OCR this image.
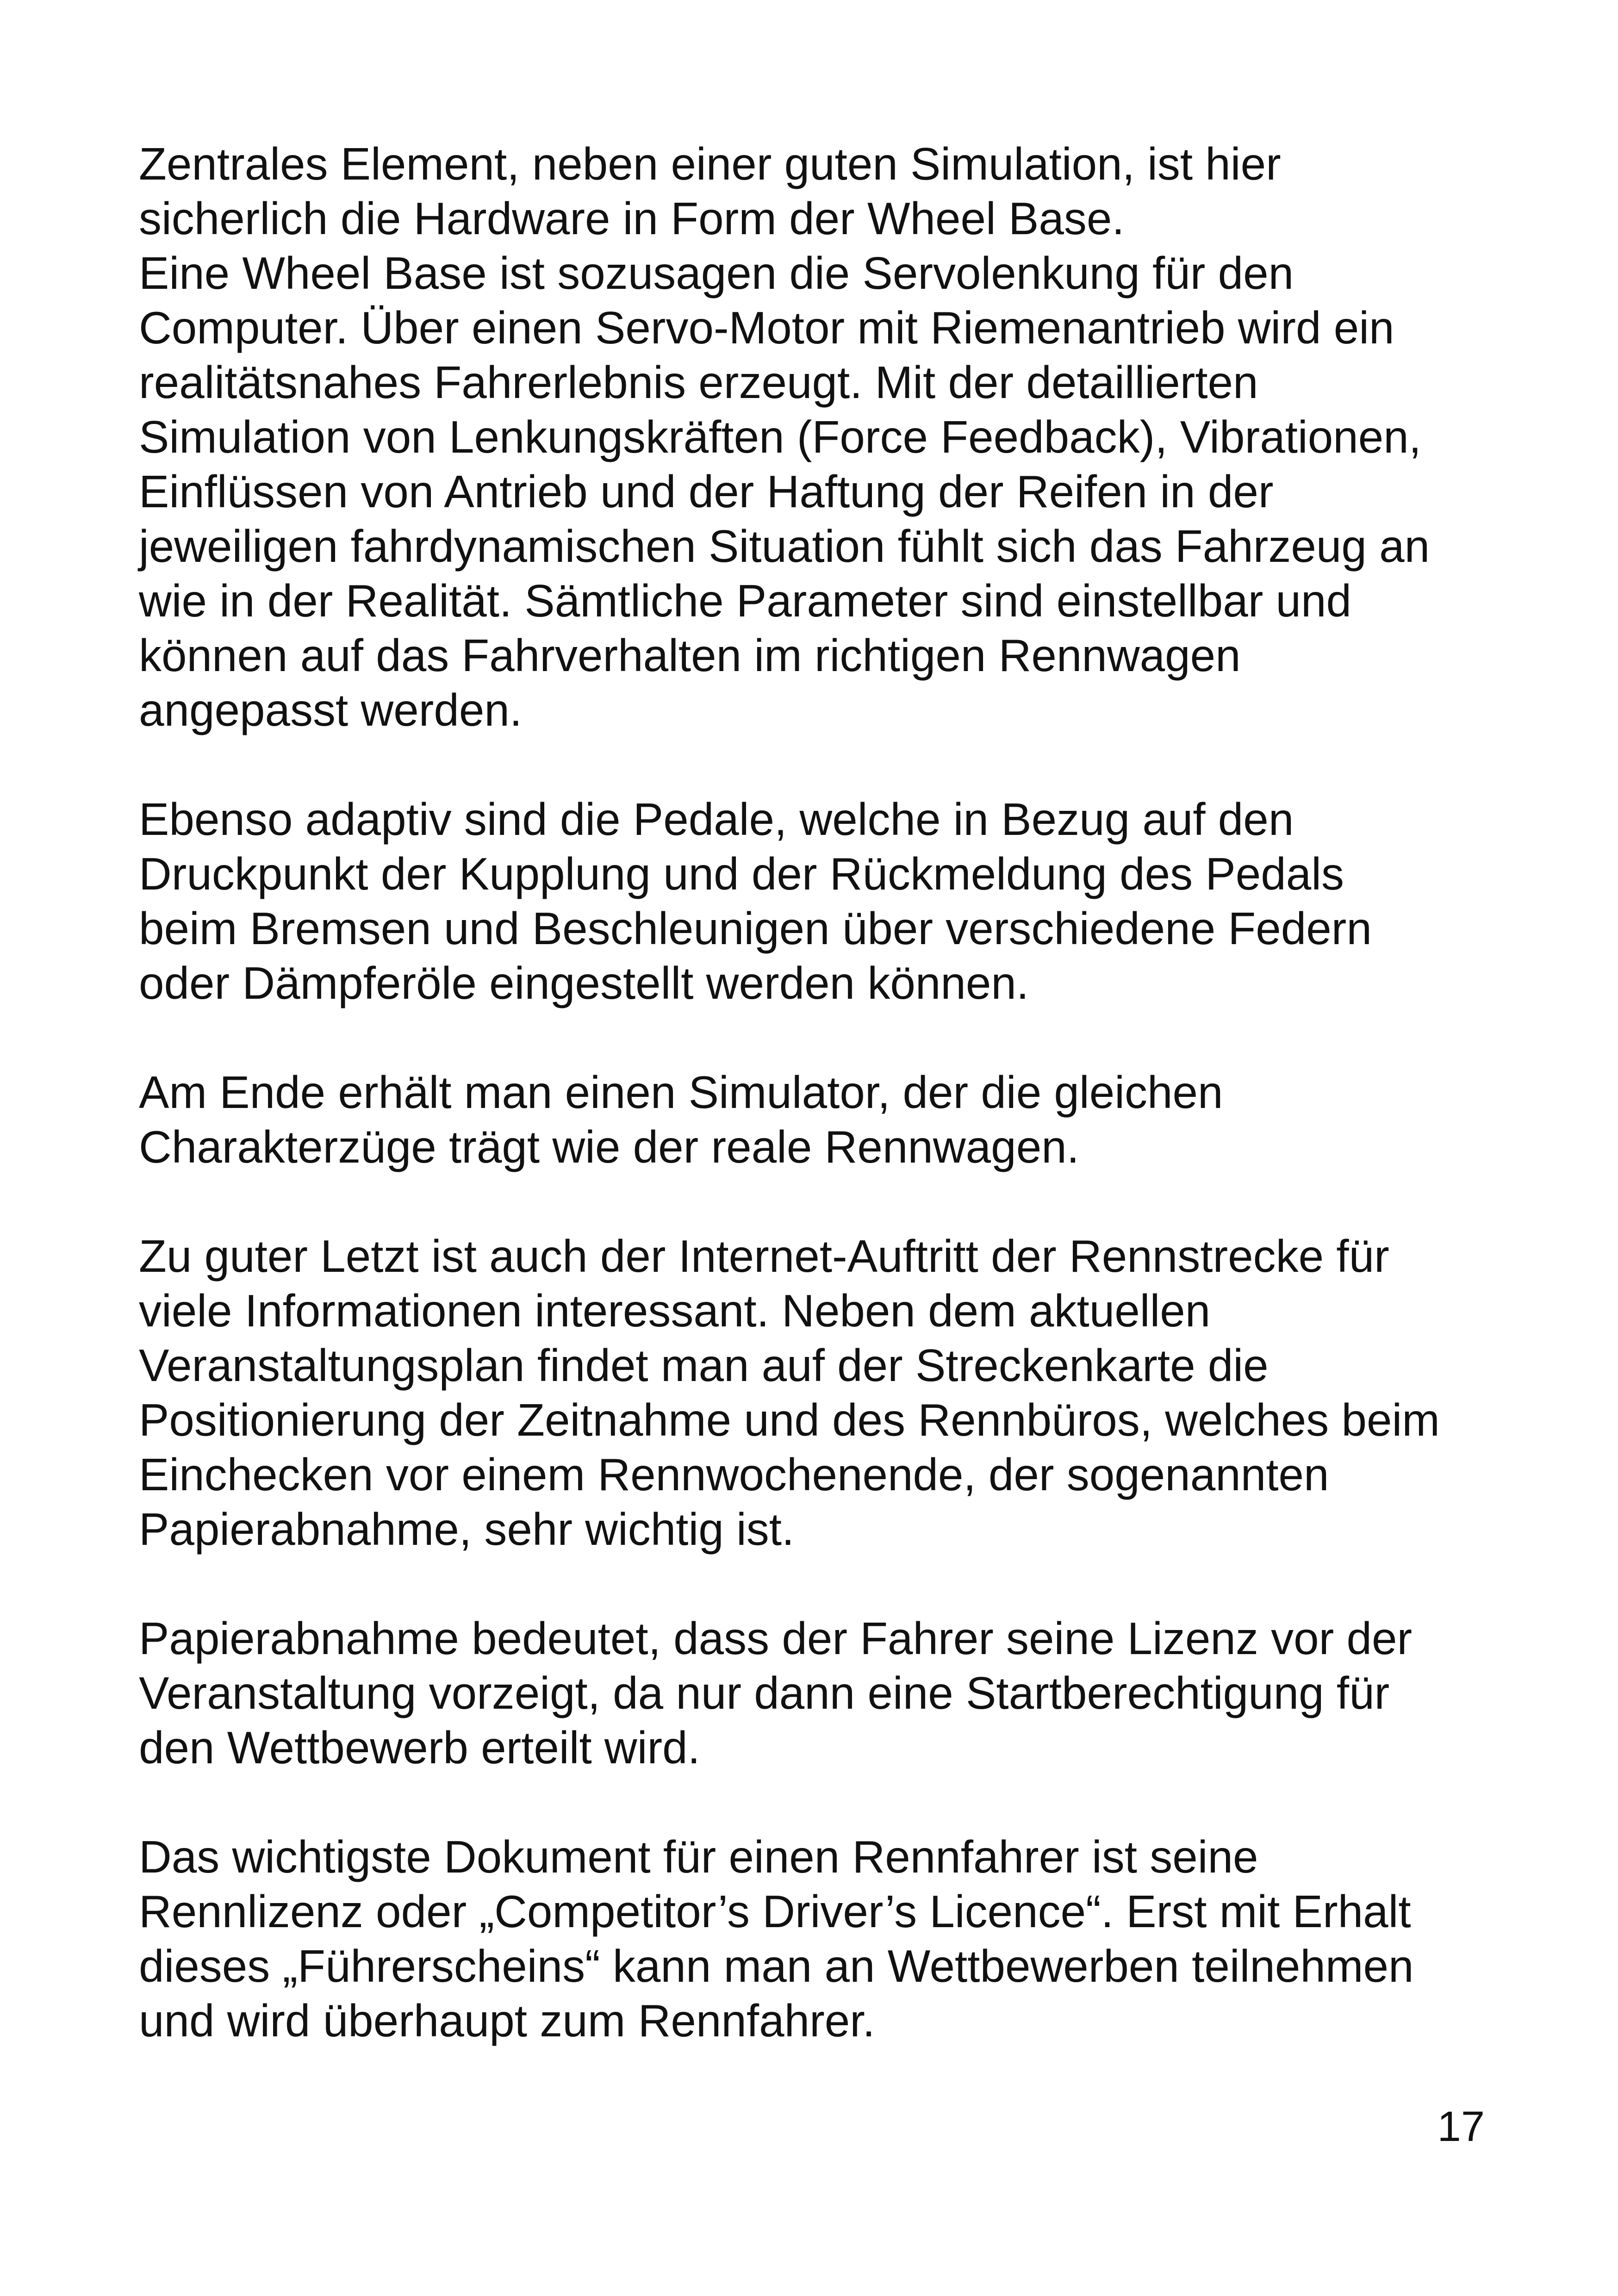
Zentrales Element, neben einer guten Simulation, ist hier
sicherlich die Hardware in Form der Wheel Base.
Eine Wheel Base ist sozusagen die Servolenkung für den
Computer. Über einen Servo-Motor mit Riemenantrieb wird ein
realitätsnahes Fahrerlebnis erzeugt. Mit der detaillierten
Simulation von Lenkungskräften (Force Feedback), Vibrationen,
Einflüssen von Antrieb und der Haftung der Reifen in der
jeweiligen fahrdynamischen Situation fühlt sich das Fahrzeug an
wie in der Realität. Sämtliche Parameter sind einstellbar und
können auf das Fahrverhalten im richtigen Rennwagen
angepasst werden.

Ebenso adaptiv sind die Pedale, welche in Bezug auf den
Druckpunkt der Kupplung und der Rückmeldung des Pedals
beim Bremsen und Beschleunigen über verschiedene Federn
oder Dämpferöle eingestellt werden können.

Am Ende erhält man einen Simulator, der die gleichen
Charakterzüge trägt wie der reale Rennwagen.

Zu guter Letzt ist auch der Internet-Auftritt der Rennstrecke für
viele Informationen interessant. Neben dem aktuellen
Veranstaltungsplan findet man auf der Streckenkarte die
Positionierung der Zeitnahme und des Rennbüros, welches beim
Einchecken vor einem Rennwochenende, der sogenannten
Papierabnahme, sehr wichtig ist.

Papierabnahme bedeutet, dass der Fahrer seine Lizenz vor der
Veranstaltung vorzeigt, da nur dann eine Startberechtigung für
den Wettbewerb erteilt wird.

Das wichtigste Dokument für einen Rennfahrer ist seine
Rennlizenz oder „Competitor’s Driver’s Licence“. Erst mit Erhalt
dieses „Führerscheins“ kann man an Wettbewerben teilnehmen
und wird überhaupt zum Rennfahrer.

17
